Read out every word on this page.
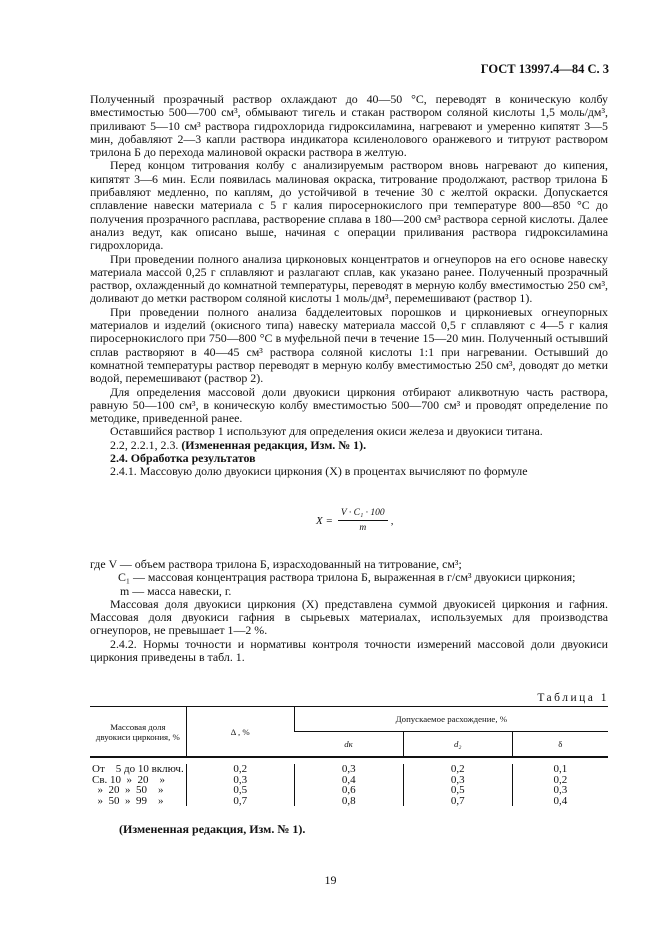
ГОСТ 13997.4—84 С. 3

Полученный прозрачный раствор охлаждают до 40—50 °С, переводят в коническую колбу вместимостью 500—700 см³, обмывают тигель и стакан раствором соляной кислоты 1,5 моль/дм³, приливают 5—10 см³ раствора гидрохлорида гидроксиламина, нагревают и умеренно кипятят 3—5 мин, добавляют 2—3 капли раствора индикатора ксиленолового оранжевого и титруют раствором трилона Б до перехода малиновой окраски раствора в желтую.

Перед концом титрования колбу с анализируемым раствором вновь нагревают до кипения, кипятят 3—6 мин. Если появилась малиновая окраска, титрование продолжают, раствор трилона Б прибавляют медленно, по каплям, до устойчивой в течение 30 с желтой окраски. Допускается сплавление навески материала с 5 г калия пиросернокислого при температуре 800—850 °С до получения прозрачного расплава, растворение сплава в 180—200 см³ раствора серной кислоты. Далее анализ ведут, как описано выше, начиная с операции приливания раствора гидроксиламина гидрохлорида.

При проведении полного анализа цирконовых концентратов и огнеупоров на его основе навеску материала массой 0,25 г сплавляют и разлагают сплав, как указано ранее. Полученный прозрачный раствор, охлажденный до комнатной температуры, переводят в мерную колбу вместимостью 250 см³, доливают до метки раствором соляной кислоты 1 моль/дм³, перемешивают (раствор 1).

При проведении полного анализа бадделеитовых порошков и циркониевых огнеупорных материалов и изделий (окисного типа) навеску материала массой 0,5 г сплавляют с 4—5 г калия пиросернокислого при 750—800 °С в муфельной печи в течение 15—20 мин. Полученный остывший сплав растворяют в 40—45 см³ раствора соляной кислоты 1:1 при нагревании. Остывший до комнатной температуры раствор переводят в мерную колбу вместимостью 250 см³, доводят до метки водой, перемешивают (раствор 2).

Для определения массовой доли двуокиси циркония отбирают аликвотную часть раствора, равную 50—100 см³, в коническую колбу вместимостью 500—700 см³ и проводят определение по методике, приведенной ранее.

Оставшийся раствор 1 используют для определения окиси железа и двуокиси титана.

2.2, 2.2.1, 2.3. (Измененная редакция, Изм. № 1).

2.4. Обработка результатов

2.4.1. Массовую долю двуокиси циркония (X) в процентах вычисляют по формуле

$X = \frac{\text{V · C₁ · 100}}{m}$ ,

где V — объем раствора трилона Б, израсходованный на титрование, см³;

C₁ — массовая концентрация раствора трилона Б, выраженная в г/см³ двуокиси циркония;

m — масса навески, г.

Массовая доля двуокиси циркония (X) представлена суммой двуокисей циркония и гафния. Массовая доля двуокиси гафния в сырьевых материалах, используемых для производства огнеупоров, не превышает 1—2 %.

2.4.2. Нормы точности и нормативы контроля точности измерений массовой доли двуокиси циркония приведены в табл. 1.

Таблица 1
Массовая доля двуокиси циркония, %	Δ , %	Допускаемое расхождение, %		
		dк	d₂	δ

От    5 до 10 включ.	0,2	0,3	0,2	0,1
Св. 10  »  20    »	0,3	0,4	0,3	0,2
»  20  »  50    »	0,5	0,6	0,5	0,3
»  50  »  99    »	0,7	0,8	0,7	0,4
(Измененная редакция, Изм. № 1).
19
